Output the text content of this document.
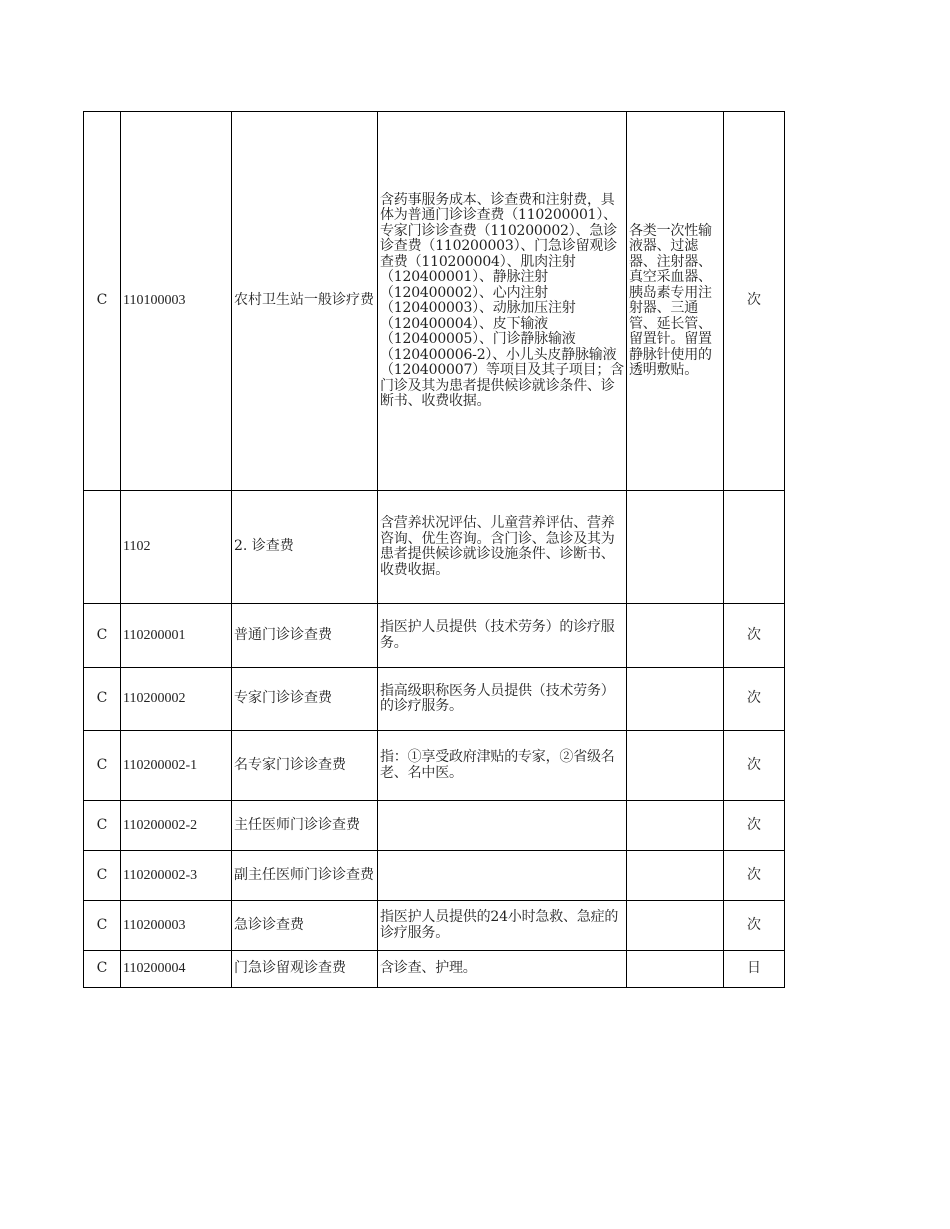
C	110100003	农村卫生站一般诊疗费	含药事服务成本、诊查费和注射费，具体为普通门诊诊查费（110200001）、专家门诊诊查费（110200002）、急诊诊查费（110200003）、门急诊留观诊查费（110200004）、肌肉注射（120400001）、静脉注射（120400002）、心内注射（120400003）、动脉加压注射（120400004）、皮下输液（120400005）、门诊静脉输液（120400006-2）、小儿头皮静脉输液（120400007）等项目及其子项目；含门诊及其为患者提供候诊就诊条件、诊断书、收费收据。	各类一次性输液器、过滤器、注射器、真空采血器、胰岛素专用注射器、三通管、延长管、留置针。留置静脉针使用的透明敷贴。	次
	1102	2. 诊查费	含营养状况评估、儿童营养评估、营养咨询、优生咨询。含门诊、急诊及其为患者提供候诊就诊设施条件、诊断书、收费收据。		
C	110200001	普通门诊诊查费	指医护人员提供（技术劳务）的诊疗服务。		次
C	110200002	专家门诊诊查费	指高级职称医务人员提供（技术劳务）的诊疗服务。		次
C	110200002-1	名专家门诊诊查费	指：①享受政府津贴的专家，②省级名老、名中医。		次
C	110200002-2	主任医师门诊诊查费			次
C	110200002-3	副主任医师门诊诊查费			次
C	110200003	急诊诊查费	指医护人员提供的24小时急救、急症的诊疗服务。		次
C	110200004	门急诊留观诊查费	含诊查、护理。		日
